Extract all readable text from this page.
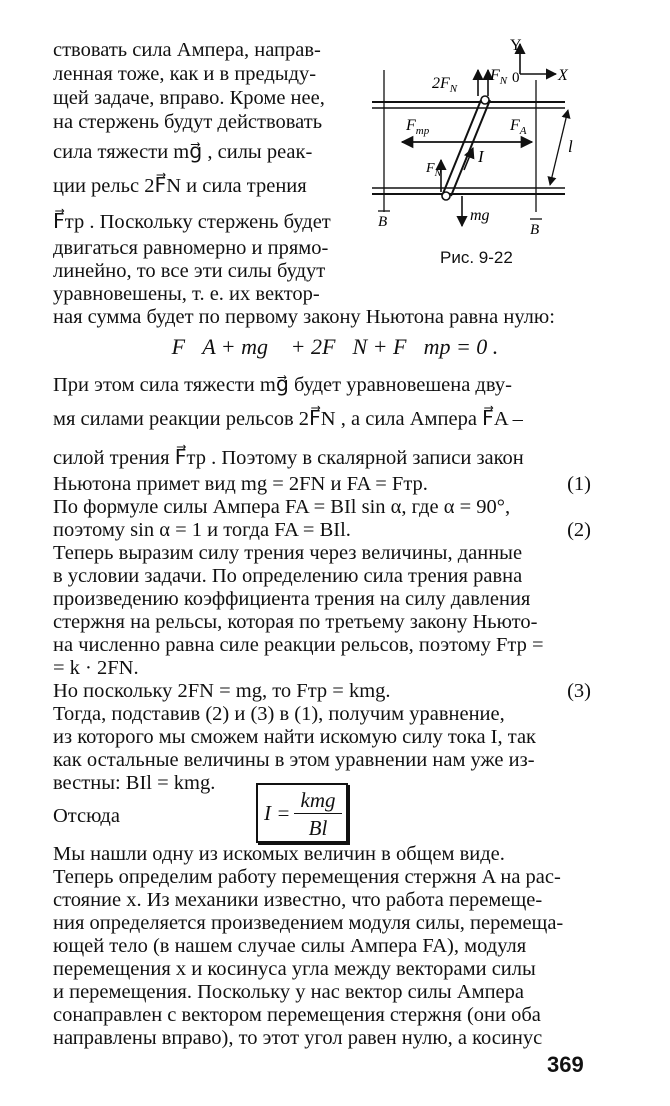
ствовать сила Ампера, направ-
ленная тоже, как и в предыду-
щей задаче, вправо. Кроме нее,
на стержень будут действовать
сила тяжести mg⃗ , силы реак-
ции рельс 2F⃗N и сила трения
F⃗тр . Поскольку стержень будет
двигаться равномерно и прямо-
линейно, то все эти силы будут
уравновешены, т. е. их вектор-
ная сумма будет по первому закону Ньютона равна нулю:
Y
X
0
B	B
l
$2F_N$
$F_N$
$F_{тр}$	$F_A$
I
$F_N$
mg
Рис. 9-22
F⃗A + mg⃗ + 2F⃗N + F⃗тр = 0 .
При этом сила тяжести mg⃗ будет уравновешена дву-
мя силами реакции рельсов 2F⃗N , а сила Ампера F⃗A –
силой трения F⃗тр . Поэтому в скалярной записи закон
Ньютона примет вид mg = 2FN и FA = Fтр.	(1)
По формуле силы Ампера FA = BIl sin α, где α = 90°,
поэтому sin α = 1 и тогда FA = BIl.	(2)
Теперь выразим силу трения через величины, данные
в условии задачи. По определению сила трения равна
произведению коэффициента трения на силу давления
стержня на рельсы, которая по третьему закону Ньюто-
на численно равна силе реакции рельсов, поэтому Fтр =
= k · 2FN.
Но поскольку 2FN = mg, то Fтр = kmg.	(3)
Тогда, подставив (2) и (3) в (1), получим уравнение,
из которого мы сможем найти искомую силу тока I, так
как остальные величины в этом уравнении нам уже из-
вестны: BIl = kmg.
Отсюда	I =
kmg
Bl
Мы нашли одну из искомых величин в общем виде.
Теперь определим работу перемещения стержня A на рас-
стояние x. Из механики известно, что работа перемеще-
ния определяется произведением модуля силы, перемеща-
ющей тело (в нашем случае силы Ампера FA), модуля
перемещения x и косинуса угла между векторами силы
и перемещения. Поскольку у нас вектор силы Ампера
сонаправлен с вектором перемещения стержня (они оба
направлены вправо), то этот угол равен нулю, а косинус
369
